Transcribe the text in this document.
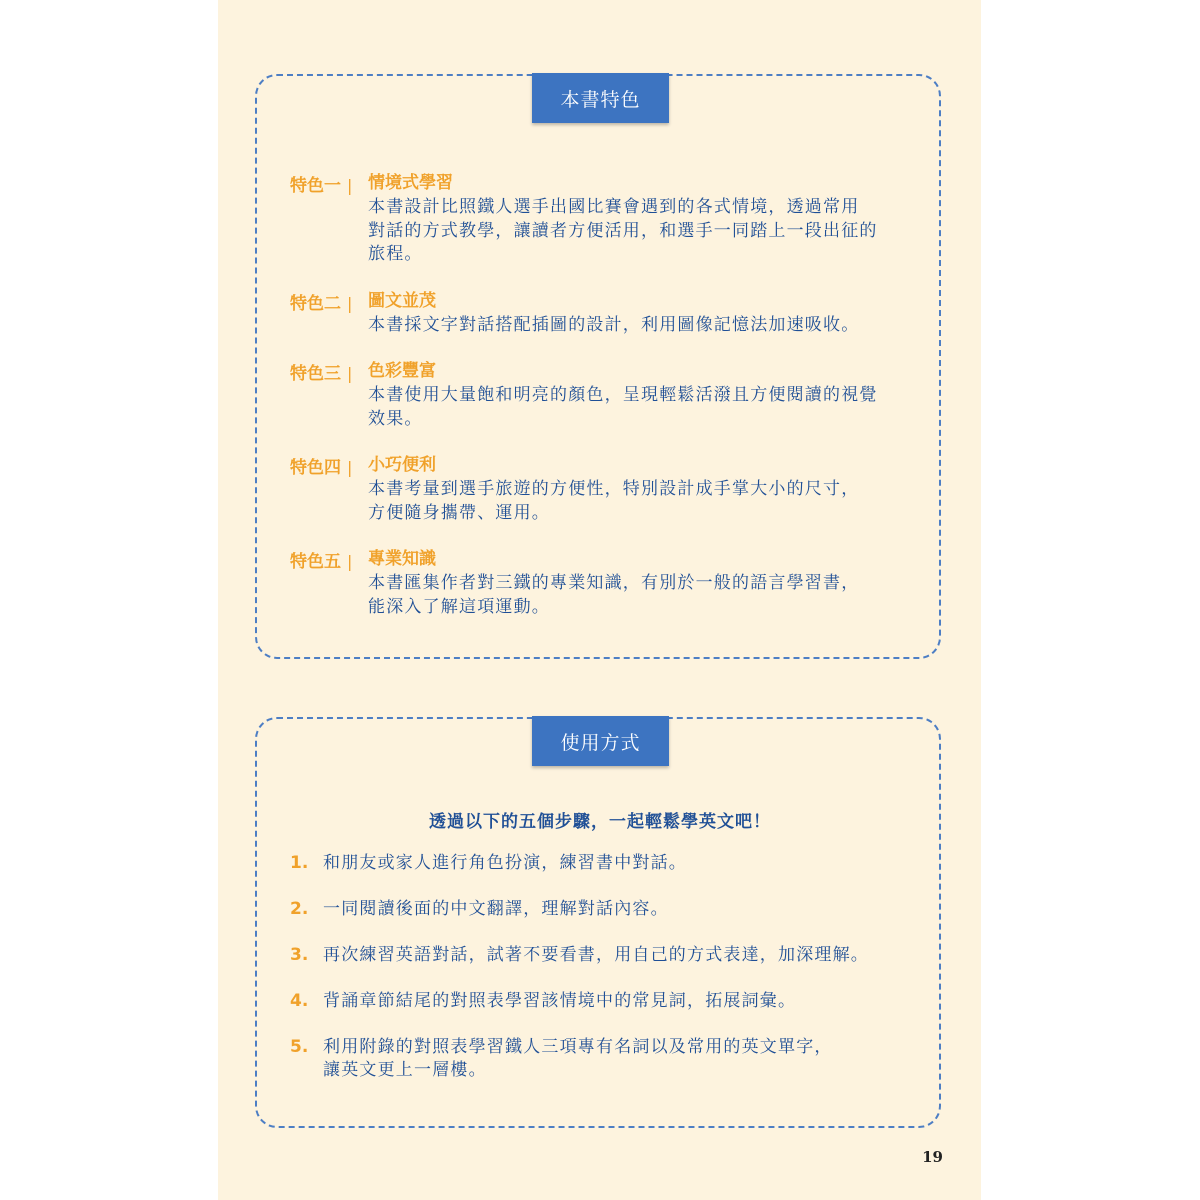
本書特色
特色一 | 情境式學習
本書設計比照鐵人選手出國比賽會遇到的各式情境，透過常用
對話的方式教學，讓讀者方便活用，和選手一同踏上一段出征的
旅程。
特色二 | 圖文並茂
本書採文字對話搭配插圖的設計，利用圖像記憶法加速吸收。
特色三 | 色彩豐富
本書使用大量飽和明亮的顏色，呈現輕鬆活潑且方便閱讀的視覺
效果。
特色四 | 小巧便利
本書考量到選手旅遊的方便性，特別設計成手掌大小的尺寸，
方便隨身攜帶、運用。
特色五 | 專業知識
本書匯集作者對三鐵的專業知識，有別於一般的語言學習書，
能深入了解這項運動。
使用方式
透過以下的五個步驟，一起輕鬆學英文吧！
1. 和朋友或家人進行角色扮演，練習書中對話。
2. 一同閱讀後面的中文翻譯，理解對話內容。
3. 再次練習英語對話，試著不要看書，用自己的方式表達，加深理解。
4. 背誦章節結尾的對照表學習該情境中的常見詞，拓展詞彙。
5. 利用附錄的對照表學習鐵人三項專有名詞以及常用的英文單字，
讓英文更上一層樓。
19
